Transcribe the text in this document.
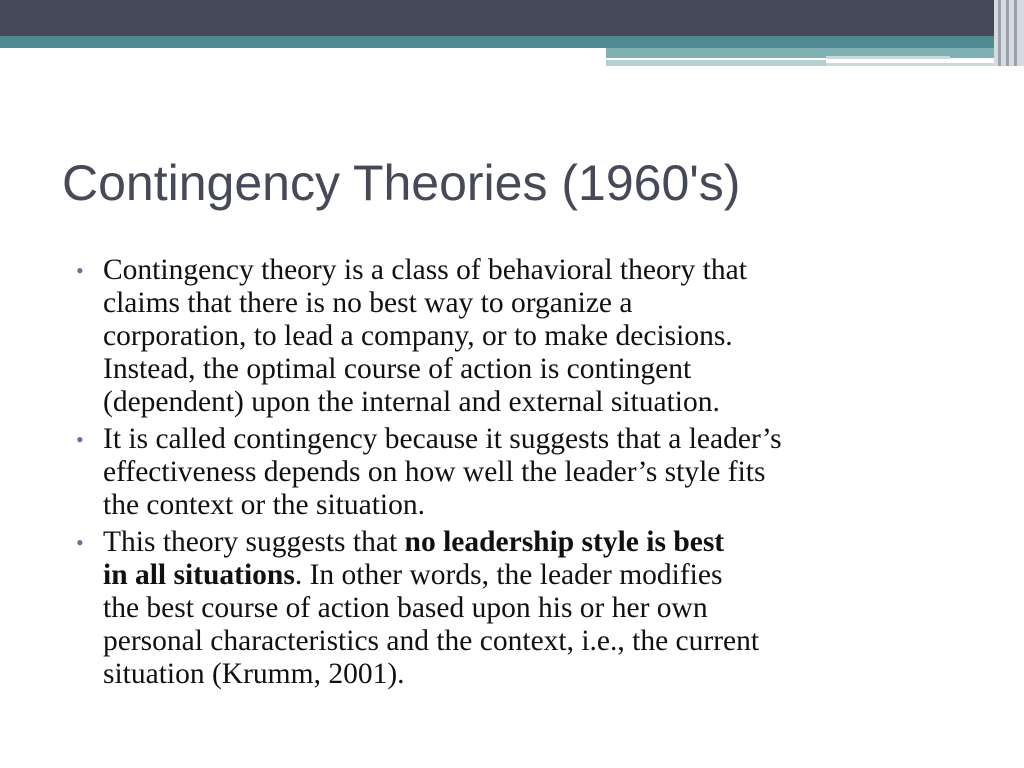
Contingency Theories (1960's)
• Contingency theory is a class of behavioral theory that
claims that there is no best way to organize a
corporation, to lead a company, or to make decisions.
Instead, the optimal course of action is contingent
(dependent) upon the internal and external situation.
• It is called contingency because it suggests that a leader’s
effectiveness depends on how well the leader’s style fits
the context or the situation.
• This theory suggests that no leadership style is best
in all situations. In other words, the leader modifies
the best course of action based upon his or her own
personal characteristics and the context, i.e., the current
situation (Krumm, 2001).
